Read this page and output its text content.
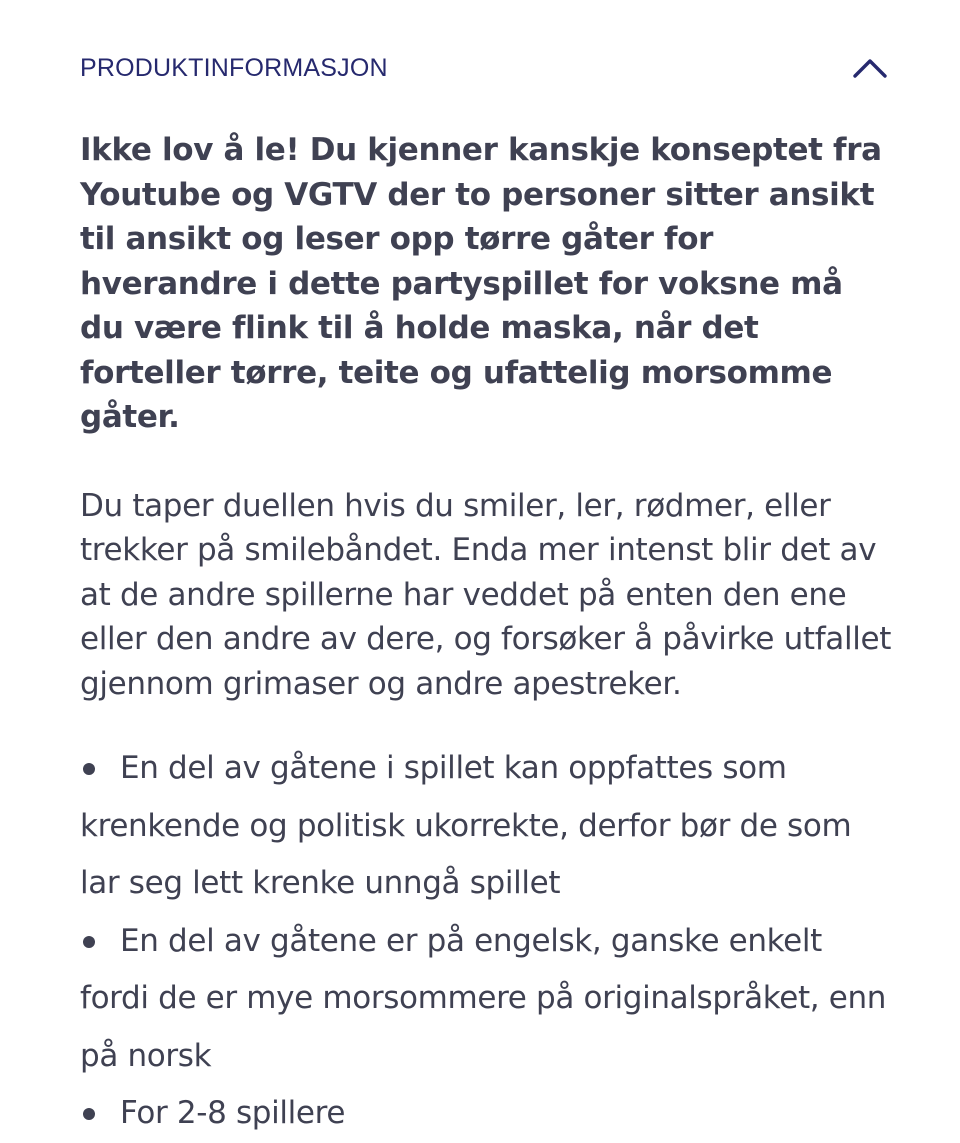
PRODUKTINFORMASJON

Ikke lov å le! Du kjenner kanskje konseptet fra Youtube og VGTV der to personer sitter ansikt til ansikt og leser opp tørre gåter for hverandre i dette partyspillet for voksne må du være flink til å holde maska, når det forteller tørre, teite og ufattelig morsomme gåter.

Du taper duellen hvis du smiler, ler, rødmer, eller trekker på smilebåndet. Enda mer intenst blir det av at de andre spillerne har veddet på enten den ene eller den andre av dere, og forsøker å påvirke utfallet gjennom grimaser og andre apestreker.

En del av gåtene i spillet kan oppfattes som krenkende og politisk ukorrekte, derfor bør de som lar seg lett krenke unngå spillet
En del av gåtene er på engelsk, ganske enkelt fordi de er mye morsommere på originalspråket, enn på norsk
For 2-8 spillere
